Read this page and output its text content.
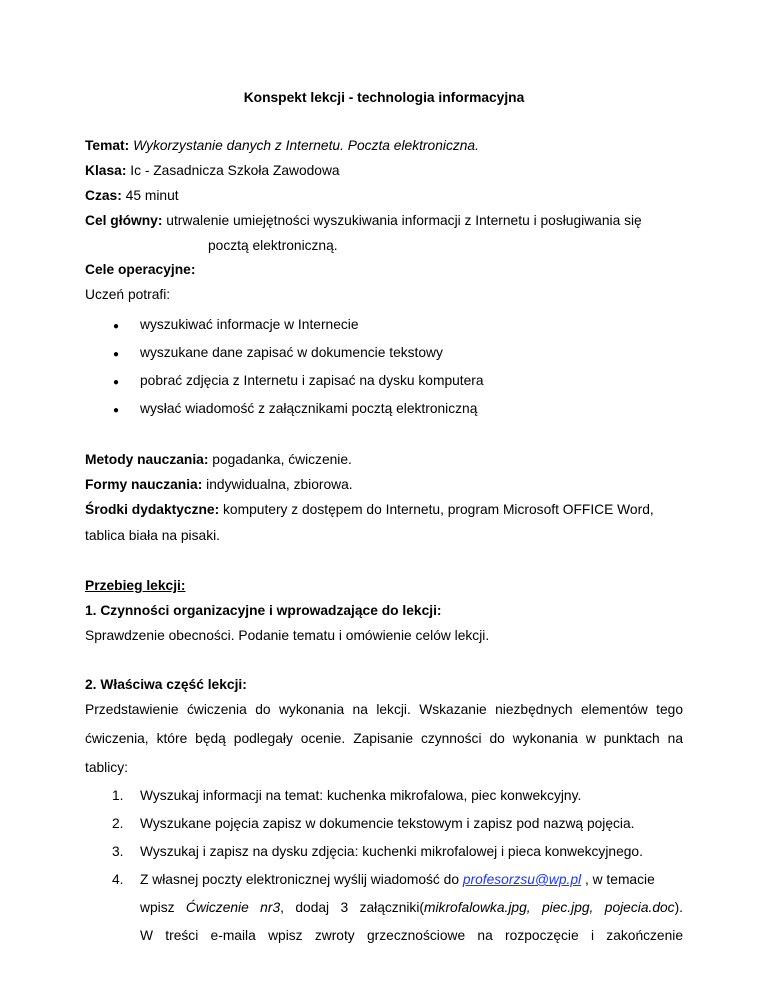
Konspekt lekcji - technologia informacyjna
Temat: Wykorzystanie danych z Internetu. Poczta elektroniczna.
Klasa: Ic - Zasadnicza Szkoła Zawodowa
Czas: 45 minut
Cel główny: utrwalenie umiejętności wyszukiwania informacji z Internetu i posługiwania się
pocztą elektroniczną.
Cele operacyjne:
Uczeń potrafi:
● wyszukiwać informacje w Internecie
● wyszukane dane zapisać w dokumencie tekstowy
● pobrać zdjęcia z Internetu i zapisać na dysku komputera
● wysłać wiadomość z załącznikami pocztą elektroniczną
Metody nauczania: pogadanka, ćwiczenie.
Formy nauczania: indywidualna, zbiorowa.
Środki dydaktyczne: komputery z dostępem do Internetu, program Microsoft OFFICE Word,
tablica biała na pisaki.
Przebieg lekcji:
1. Czynności organizacyjne i wprowadzające do lekcji:
Sprawdzenie obecności. Podanie tematu i omówienie celów lekcji.
2. Właściwa część lekcji:
Przedstawienie ćwiczenia do wykonania na lekcji. Wskazanie niezbędnych elementów tego
ćwiczenia, które będą podlegały ocenie. Zapisanie czynności do wykonania w punktach na
tablicy:
1. Wyszukaj informacji na temat: kuchenka mikrofalowa, piec konwekcyjny.
2. Wyszukane pojęcia zapisz w dokumencie tekstowym i zapisz pod nazwą pojęcia.
3. Wyszukaj i zapisz na dysku zdjęcia: kuchenki mikrofalowej i pieca konwekcyjnego.
4. Z własnej poczty elektronicznej wyślij wiadomość do profesorzsu@wp.pl , w temacie
wpisz Ćwiczenie nr3, dodaj 3 załączniki(mikrofalowka.jpg, piec.jpg, pojecia.doc).
W treści e-maila wpisz zwroty grzecznościowe na rozpoczęcie i zakończenie
